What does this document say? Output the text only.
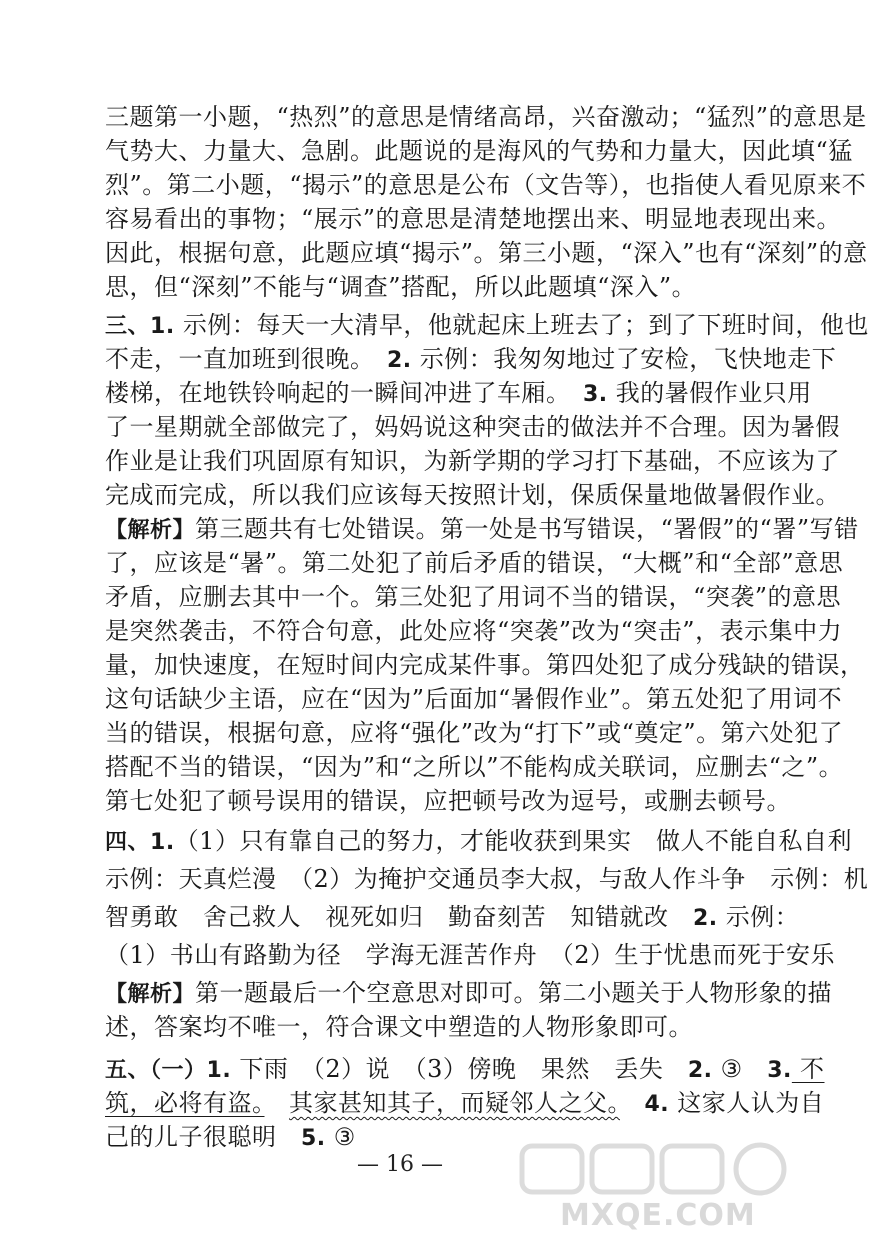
三题第一小题，“热烈”的意思是情绪高昂，兴奋激动；“猛烈”的意思是
气势大、力量大、急剧。此题说的是海风的气势和力量大，因此填“猛
烈”。第二小题，“揭示”的意思是公布（文告等），也指使人看见原来不
容易看出的事物；“展示”的意思是清楚地摆出来、明显地表现出来。
因此，根据句意，此题应填“揭示”。第三小题，“深入”也有“深刻”的意
思，但“深刻”不能与“调查”搭配，所以此题填“深入”。
三、1. 示例：每天一大清早，他就起床上班去了；到了下班时间，他也
不走，一直加班到很晚。　2. 示例：我匆匆地过了安检，飞快地走下
楼梯，在地铁铃响起的一瞬间冲进了车厢。　3. 我的暑假作业只用
了一星期就全部做完了，妈妈说这种突击的做法并不合理。因为暑假
作业是让我们巩固原有知识，为新学期的学习打下基础，不应该为了
完成而完成，所以我们应该每天按照计划，保质保量地做暑假作业。
【解析】第三题共有七处错误。第一处是书写错误，“署假”的“署”写错
了，应该是“暑”。第二处犯了前后矛盾的错误，“大概”和“全部”意思
矛盾，应删去其中一个。第三处犯了用词不当的错误，“突袭”的意思
是突然袭击，不符合句意，此处应将“突袭”改为“突击”，表示集中力
量，加快速度，在短时间内完成某件事。第四处犯了成分残缺的错误，
这句话缺少主语，应在“因为”后面加“暑假作业”。第五处犯了用词不
当的错误，根据句意，应将“强化”改为“打下”或“奠定”。第六处犯了
搭配不当的错误，“因为”和“之所以”不能构成关联词，应删去“之”。
第七处犯了顿号误用的错误，应把顿号改为逗号，或删去顿号。
四、1.（1）只有靠自己的努力，才能收获到果实　做人不能自私自利
示例：天真烂漫　（2）为掩护交通员李大叔，与敌人作斗争　示例：机
智勇敢　舍己救人　视死如归　勤奋刻苦　知错就改　2. 示例：
（1）书山有路勤为径　学海无涯苦作舟　（2）生于忧患而死于安乐
【解析】第一题最后一个空意思对即可。第二小题关于人物形象的描
述，答案均不唯一，符合课文中塑造的人物形象即可。
五、（一）1. 下雨　（2）说　（3）傍晚　果然　丢失　2. ③　3. 不
筑，必将有盗。　 其家甚知其子，而疑邻人之父。　 4. 这家人认为自
己的儿子很聪明　5. ③
— 16 —
MXQE.COM
